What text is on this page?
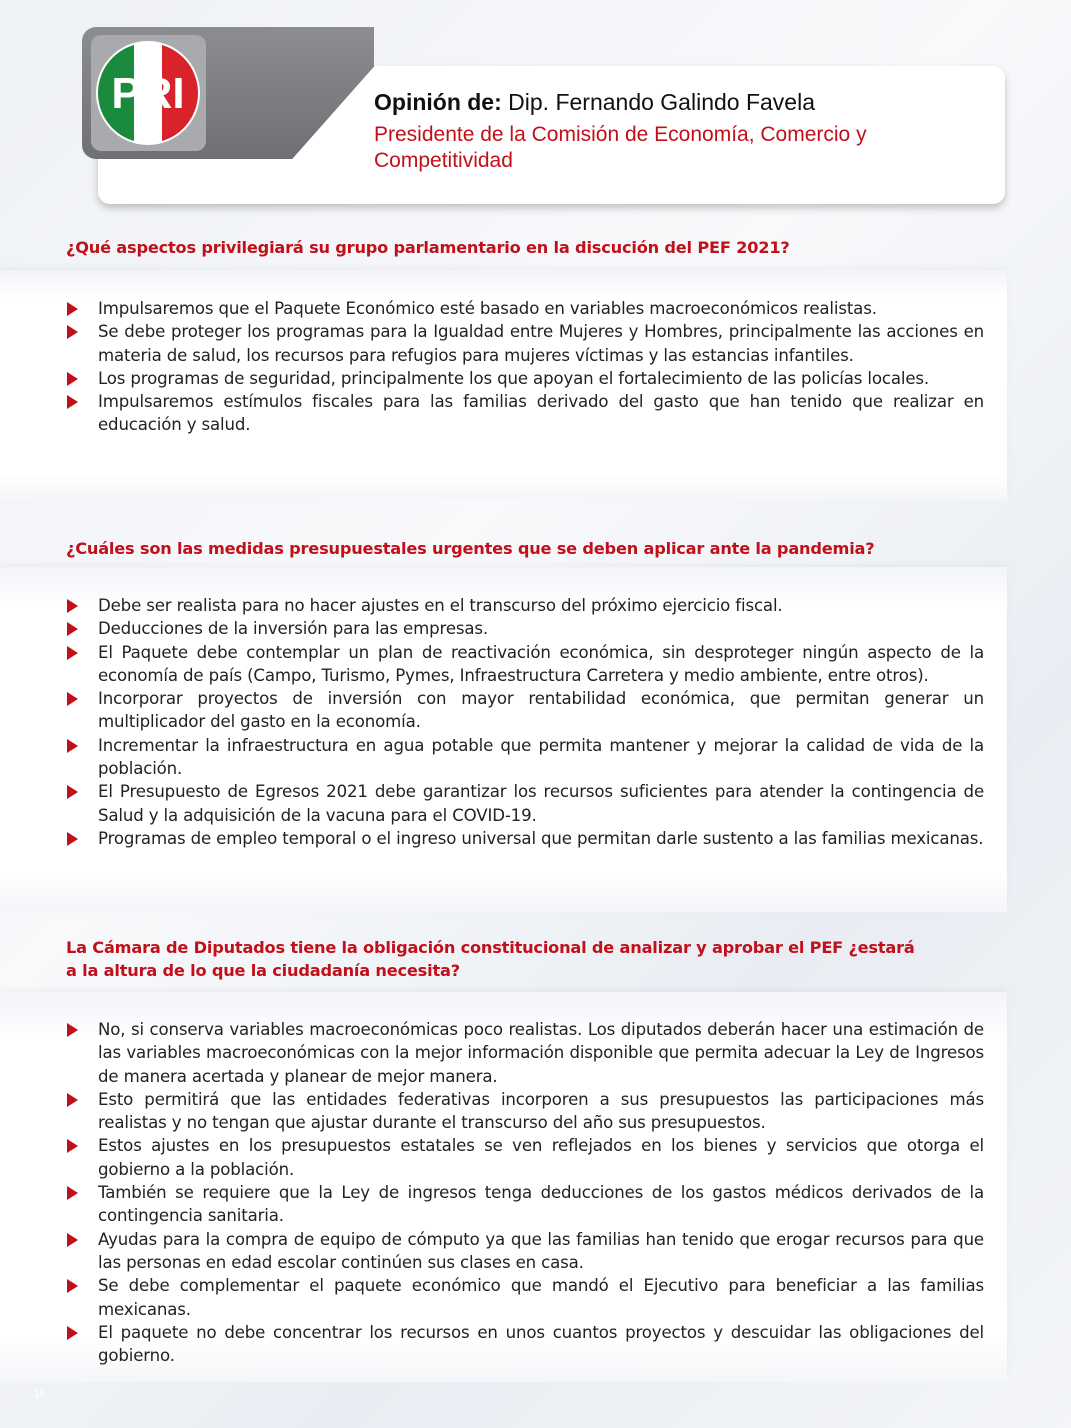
PRI	Opinión de: Dip. Fernando Galindo Favela
Presidente de la Comisión de Economía, Comercio y Competitividad
¿Qué aspectos privilegiará su grupo parlamentario en la discución del PEF 2021?
Impulsaremos que el Paquete Económico esté basado en variables macroeconómicos realistas.
Se debe proteger los programas para la Igualdad entre Mujeres y Hombres, principalmente las acciones en materia de salud, los recursos para refugios para mujeres víctimas y las estancias infantiles.
Los programas de seguridad, principalmente los que apoyan el fortalecimiento de las policías locales.
Impulsaremos estímulos fiscales para las familias derivado del gasto que han tenido que realizar en educación y salud.
¿Cuáles son las medidas presupuestales urgentes que se deben aplicar ante la pandemia?
Debe ser realista para no hacer ajustes en el transcurso del próximo ejercicio fiscal.
Deducciones de la inversión para las empresas.
El Paquete debe contemplar un plan de reactivación económica, sin desproteger ningún aspecto de la economía de país (Campo, Turismo, Pymes, Infraestructura Carretera y medio ambiente, entre otros).
Incorporar proyectos de inversión con mayor rentabilidad económica, que permitan generar un multiplicador del gasto en la economía.
Incrementar la infraestructura en agua potable que permita mantener y mejorar la calidad de vida de la población.
El Presupuesto de Egresos 2021 debe garantizar los recursos suficientes para atender la contingencia de Salud y la adquisición de la vacuna para el COVID-19.
Programas de empleo temporal o el ingreso universal que permitan darle sustento a las familias mexicanas.
La Cámara de Diputados tiene la obligación constitucional de analizar y aprobar el PEF ¿estará a la altura de lo que la ciudadanía necesita?
No, si conserva variables macroeconómicas poco realistas. Los diputados deberán hacer una estimación de las variables macroeconómicas con la mejor información disponible que permita adecuar la Ley de Ingresos de manera acertada y planear de mejor manera.
Esto permitirá que las entidades federativas incorporen a sus presupuestos las participaciones más realistas y no tengan que ajustar durante el transcurso del año sus presupuestos.
Estos ajustes en los presupuestos estatales se ven reflejados en los bienes y servicios que otorga el gobierno a la población.
También se requiere que la Ley de ingresos tenga deducciones de los gastos médicos derivados de la contingencia sanitaria.
Ayudas para la compra de equipo de cómputo ya que las familias han tenido que erogar recursos para que las personas en edad escolar continúen sus clases en casa.
Se debe complementar el paquete económico que mandó el Ejecutivo para beneficiar a las familias mexicanas.
El paquete no debe concentrar los recursos en unos cuantos proyectos y descuidar las obligaciones del gobierno.
18
